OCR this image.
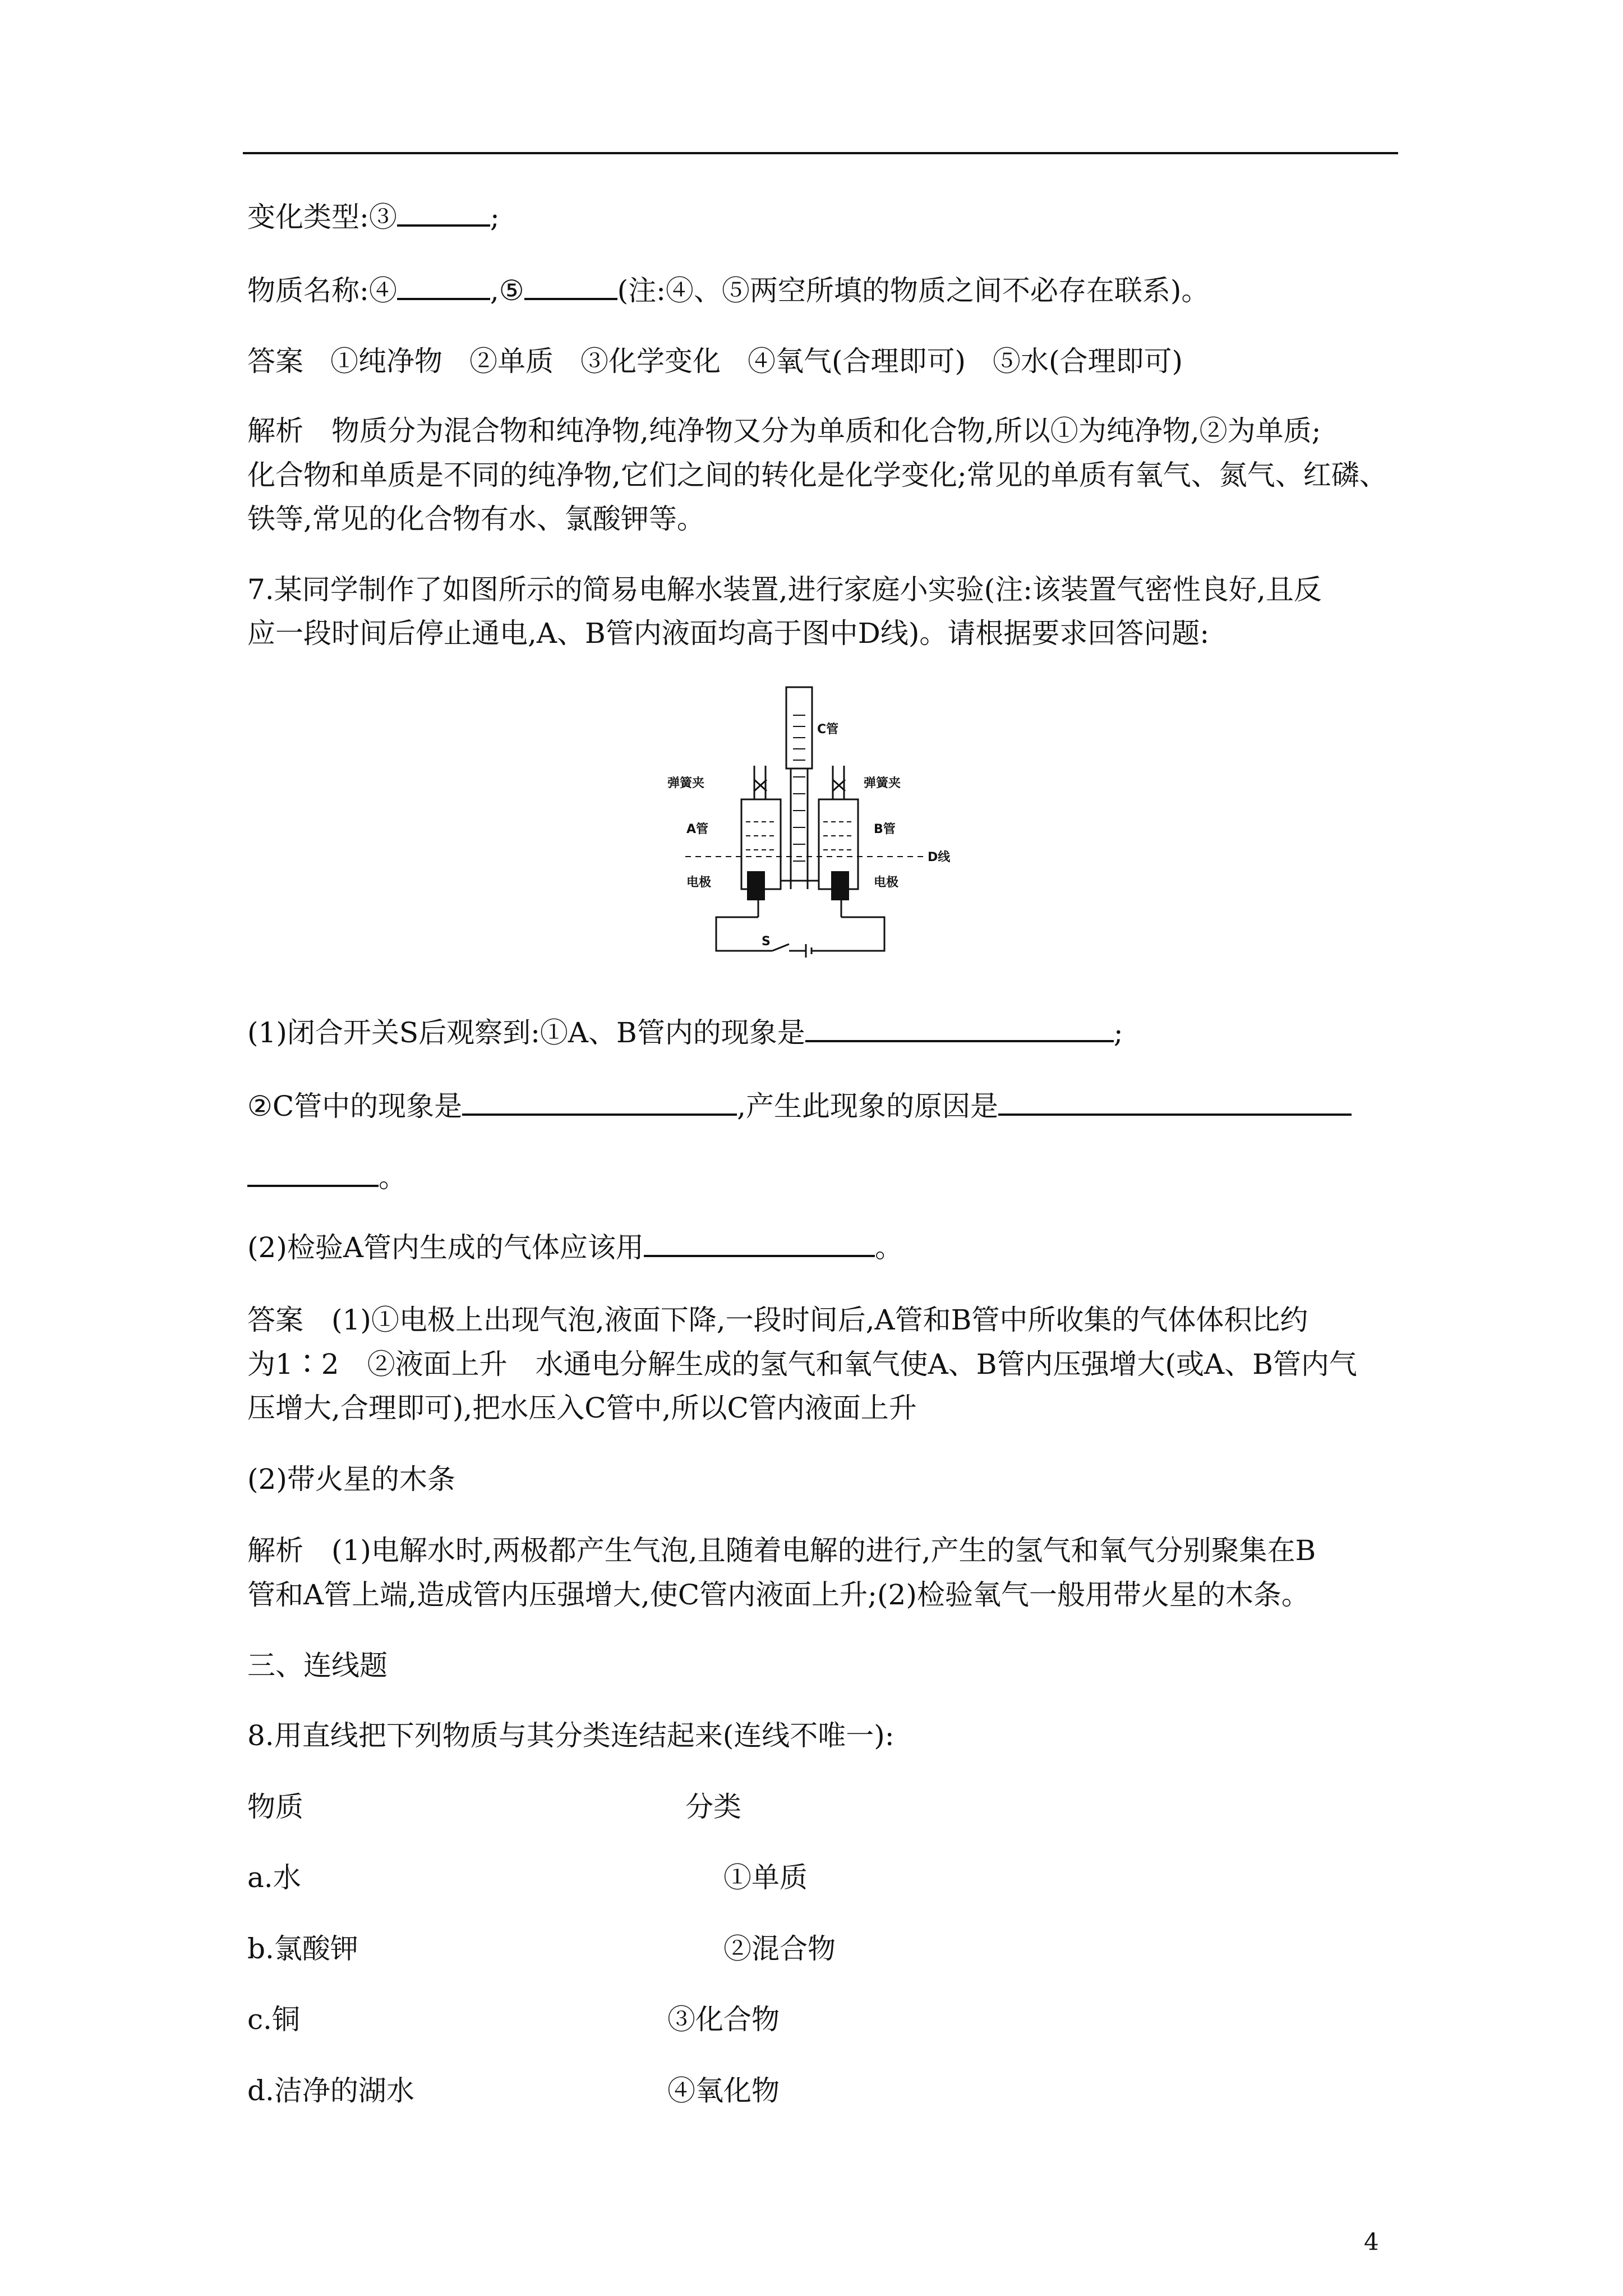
变化类型:③	;
物质名称:④	,⑤	(注:④、⑤两空所填的物质之间不必存在联系)。
答案 ①纯净物 ②单质 ③化学变化 ④氧气(合理即可) ⑤水(合理即可)
解析　物质分为混合物和纯净物,纯净物又分为单质和化合物,所以①为纯净物,②为单质;
化合物和单质是不同的纯净物,它们之间的转化是化学变化;常见的单质有氧气、氮气、红磷、
铁等,常见的化合物有水、氯酸钾等。
7.某同学制作了如图所示的简易电解水装置,进行家庭小实验(注:该装置气密性良好,且反
应一段时间后停止通电,A、B管内液面均高于图中D线)。请根据要求回答问题:
C管
弹簧夹	弹簧夹
A管	B管
D线
电极	电极
S
(1)闭合开关S后观察到:①A、B管内的现象是	;
②C管中的现象是	,产生此现象的原因是
。
(2)检验A管内生成的气体应该用	。
答案　(1)①电极上出现气泡,液面下降,一段时间后,A管和B管中所收集的气体体积比约
为1∶2　②液面上升　水通电分解生成的氢气和氧气使A、B管内压强增大(或A、B管内气
压增大,合理即可),把水压入C管中,所以C管内液面上升
(2)带火星的木条
解析　(1)电解水时,两极都产生气泡,且随着电解的进行,产生的氢气和氧气分别聚集在B
管和A管上端,造成管内压强增大,使C管内液面上升;(2)检验氧气一般用带火星的木条。
三、连线题
8.用直线把下列物质与其分类连结起来(连线不唯一):
物质	分类
a.水	①单质
b.氯酸钾	②混合物
c.铜	③化合物
d.洁净的湖水	④氧化物
4
